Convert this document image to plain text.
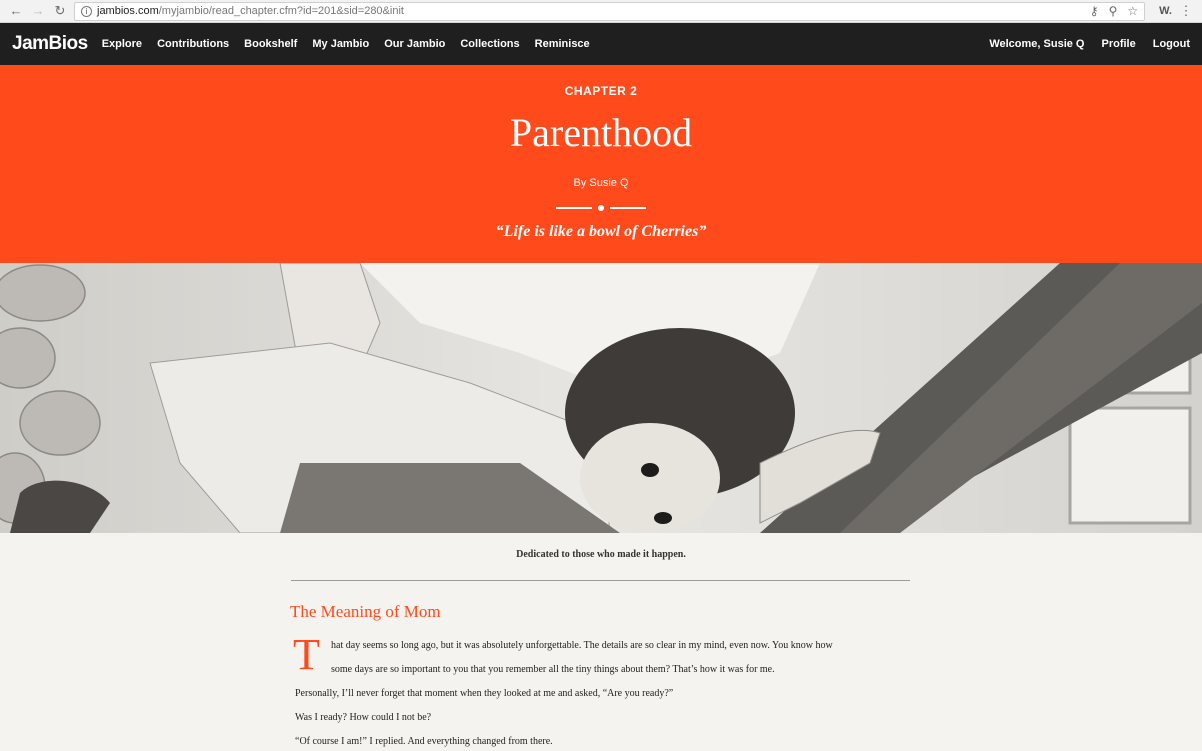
← → ↻	i jambios.com/myjambio/read_chapter.cfm?id=201&sid=280&init	⚷ ⚲ ☆	W. ⋮
JamBios Explore Contributions Bookshelf My Jambio Our Jambio Collections Reminisce	Welcome, Susie Q Profile Logout
CHAPTER 2
Parenthood
By Susie Q
“Life is like a bowl of Cherries”
Dedicated to those who made it happen.
The Meaning of Mom
T hat day seems so long ago, but it was absolutely unforgettable. The details are so clear in my mind, even now. You know how
some days are so important to you that you remember all the tiny things about them? That’s how it was for me.
Personally, I’ll never forget that moment when they looked at me and asked, “Are you ready?”
Was I ready? How could I not be?
“Of course I am!” I replied. And everything changed from there.
